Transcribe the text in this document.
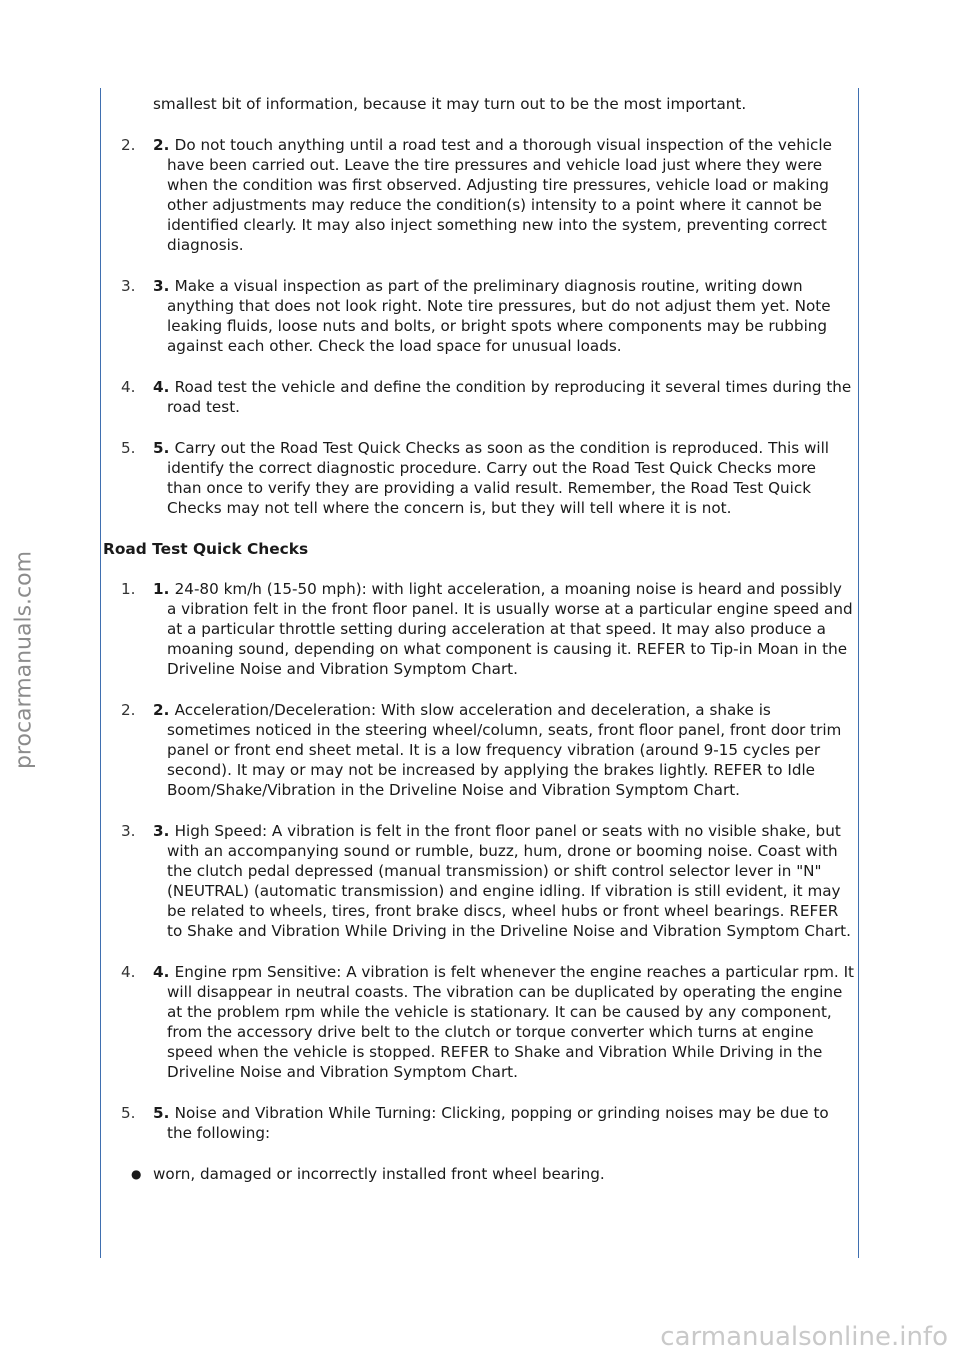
procarmanuals.com

smallest bit of information, because it may turn out to be the most important.

2. 2. Do not touch anything until a road test and a thorough visual inspection of the vehicle have been carried out. Leave the tire pressures and vehicle load just where they were when the condition was first observed. Adjusting tire pressures, vehicle load or making other adjustments may reduce the condition(s) intensity to a point where it cannot be identified clearly. It may also inject something new into the system, preventing correct diagnosis.
3. 3. Make a visual inspection as part of the preliminary diagnosis routine, writing down anything that does not look right. Note tire pressures, but do not adjust them yet. Note leaking fluids, loose nuts and bolts, or bright spots where components may be rubbing against each other. Check the load space for unusual loads.
4. 4. Road test the vehicle and define the condition by reproducing it several times during the road test.
5. 5. Carry out the Road Test Quick Checks as soon as the condition is reproduced. This will identify the correct diagnostic procedure. Carry out the Road Test Quick Checks more than once to verify they are providing a valid result. Remember, the Road Test Quick Checks may not tell where the concern is, but they will tell where it is not.
Road Test Quick Checks
1. 1. 24-80 km/h (15-50 mph): with light acceleration, a moaning noise is heard and possibly a vibration felt in the front floor panel. It is usually worse at a particular engine speed and at a particular throttle setting during acceleration at that speed. It may also produce a moaning sound, depending on what component is causing it. REFER to Tip-in Moan in the Driveline Noise and Vibration Symptom Chart.
2. 2. Acceleration/Deceleration: With slow acceleration and deceleration, a shake is sometimes noticed in the steering wheel/column, seats, front floor panel, front door trim panel or front end sheet metal. It is a low frequency vibration (around 9-15 cycles per second). It may or may not be increased by applying the brakes lightly. REFER to Idle Boom/Shake/Vibration in the Driveline Noise and Vibration Symptom Chart.
3. 3. High Speed: A vibration is felt in the front floor panel or seats with no visible shake, but with an accompanying sound or rumble, buzz, hum, drone or booming noise. Coast with the clutch pedal depressed (manual transmission) or shift control selector lever in "N" (NEUTRAL) (automatic transmission) and engine idling. If vibration is still evident, it may be related to wheels, tires, front brake discs, wheel hubs or front wheel bearings. REFER to Shake and Vibration While Driving in the Driveline Noise and Vibration Symptom Chart.
4. 4. Engine rpm Sensitive: A vibration is felt whenever the engine reaches a particular rpm. It will disappear in neutral coasts. The vibration can be duplicated by operating the engine at the problem rpm while the vehicle is stationary. It can be caused by any component, from the accessory drive belt to the clutch or torque converter which turns at engine speed when the vehicle is stopped. REFER to Shake and Vibration While Driving in the Driveline Noise and Vibration Symptom Chart.
5. 5. Noise and Vibration While Turning: Clicking, popping or grinding noises may be due to the following:
● worn, damaged or incorrectly installed front wheel bearing.
carmanualsonline.info
